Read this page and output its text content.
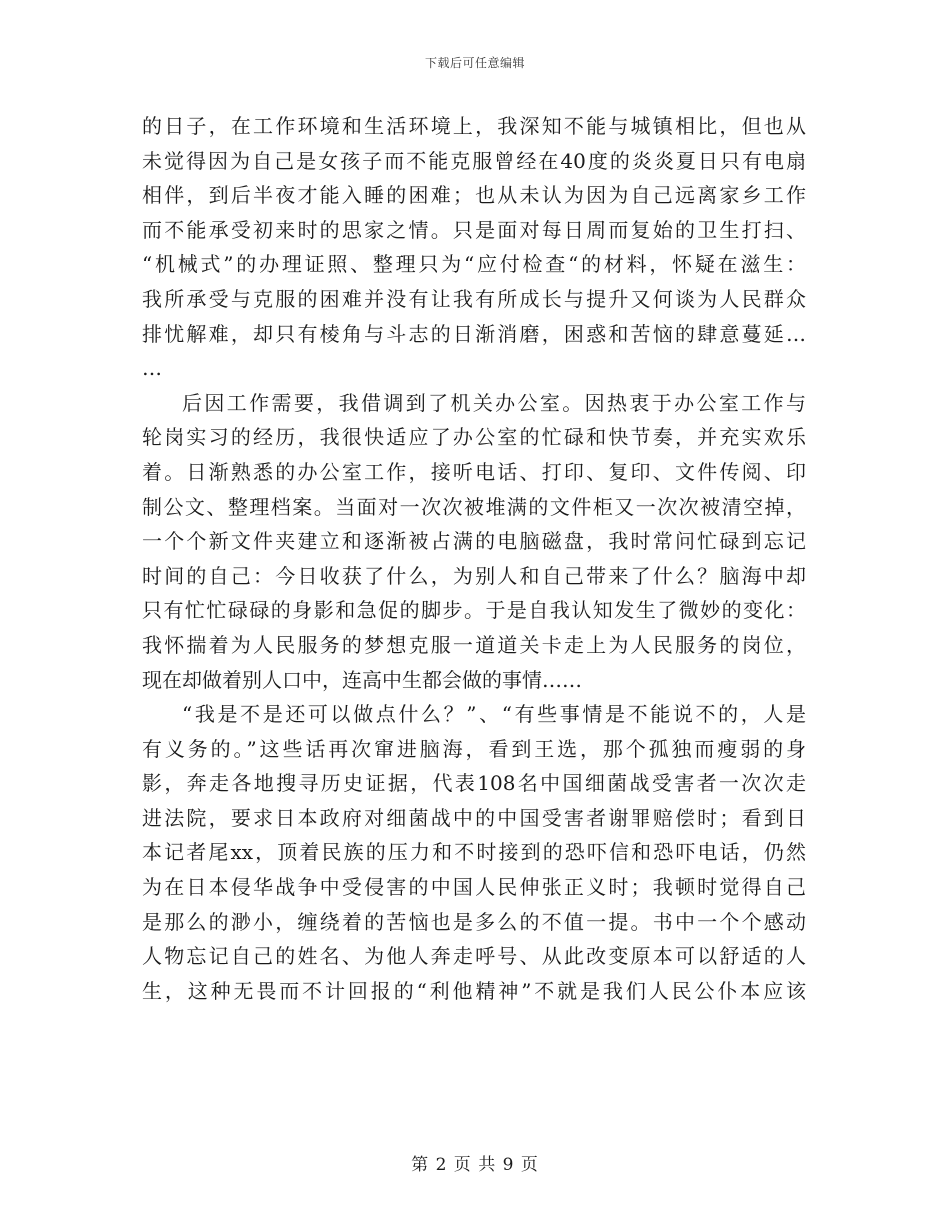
下载后可任意编辑
的日子，在工作环境和生活环境上，我深知不能与城镇相比，但也从
未觉得因为自己是女孩子而不能克服曾经在40度的炎炎夏日只有电扇
相伴，到后半夜才能入睡的困难；也从未认为因为自己远离家乡工作
而不能承受初来时的思家之情。只是面对每日周而复始的卫生打扫、
“机械式”的办理证照、整理只为“应付检查“的材料，怀疑在滋生：
我所承受与克服的困难并没有让我有所成长与提升又何谈为人民群众
排忧解难，却只有棱角与斗志的日渐消磨，困惑和苦恼的肆意蔓延…
…
后因工作需要，我借调到了机关办公室。因热衷于办公室工作与
轮岗实习的经历，我很快适应了办公室的忙碌和快节奏，并充实欢乐
着。日渐熟悉的办公室工作，接听电话、打印、复印、文件传阅、印
制公文、整理档案。当面对一次次被堆满的文件柜又一次次被清空掉，
一个个新文件夹建立和逐渐被占满的电脑磁盘，我时常问忙碌到忘记
时间的自己：今日收获了什么，为别人和自己带来了什么？脑海中却
只有忙忙碌碌的身影和急促的脚步。于是自我认知发生了微妙的变化：
我怀揣着为人民服务的梦想克服一道道关卡走上为人民服务的岗位，
现在却做着别人口中，连高中生都会做的事情……
“我是不是还可以做点什么？”、“有些事情是不能说不的，人是
有义务的。”这些话再次窜进脑海，看到王选，那个孤独而瘦弱的身
影，奔走各地搜寻历史证据，代表108名中国细菌战受害者一次次走
进法院，要求日本政府对细菌战中的中国受害者谢罪赔偿时；看到日
本记者尾xx，顶着民族的压力和不时接到的恐吓信和恐吓电话，仍然
为在日本侵华战争中受侵害的中国人民伸张正义时；我顿时觉得自己
是那么的渺小，缠绕着的苦恼也是多么的不值一提。书中一个个感动
人物忘记自己的姓名、为他人奔走呼号、从此改变原本可以舒适的人
生，这种无畏而不计回报的“利他精神”不就是我们人民公仆本应该
第 2 页 共 9 页
